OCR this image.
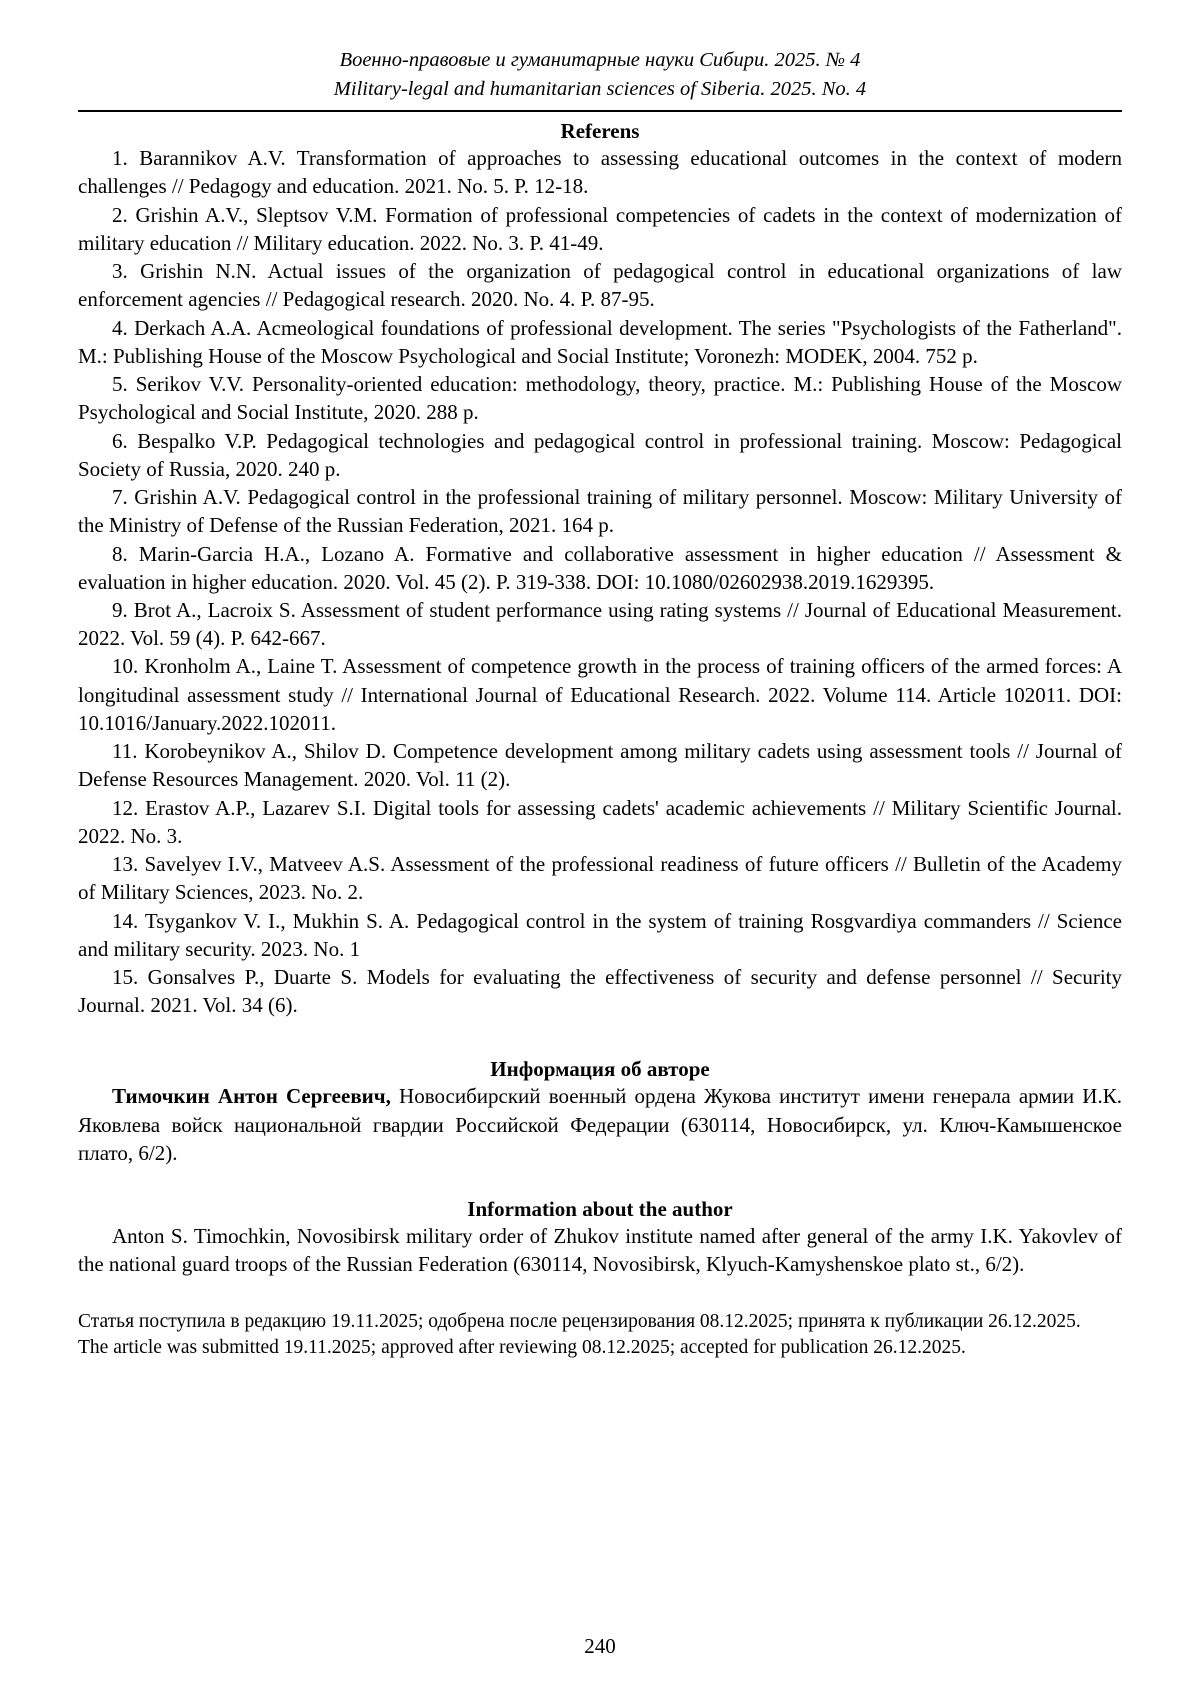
Военно-правовые и гуманитарные науки Сибири. 2025. № 4
Military-legal and humanitarian sciences of Siberia. 2025. No. 4
Referens

1. Barannikov A.V. Transformation of approaches to assessing educational outcomes in the context of modern challenges // Pedagogy and education. 2021. No. 5. P. 12-18.

2. Grishin A.V., Sleptsov V.M. Formation of professional competencies of cadets in the context of modernization of military education // Military education. 2022. No. 3. P. 41-49.

3. Grishin N.N. Actual issues of the organization of pedagogical control in educational organizations of law enforcement agencies // Pedagogical research. 2020. No. 4. P. 87-95.

4. Derkach A.A. Acmeological foundations of professional development. The series "Psychologists of the Fatherland". M.: Publishing House of the Moscow Psychological and Social Institute; Voronezh: MODEK, 2004. 752 p.

5. Serikov V.V. Personality-oriented education: methodology, theory, practice. M.: Publishing House of the Moscow Psychological and Social Institute, 2020. 288 p.

6. Bespalko V.P. Pedagogical technologies and pedagogical control in professional training. Moscow: Pedagogical Society of Russia, 2020. 240 p.

7. Grishin A.V. Pedagogical control in the professional training of military personnel. Moscow: Military University of the Ministry of Defense of the Russian Federation, 2021. 164 p.

8. Marin-Garcia H.A., Lozano A. Formative and collaborative assessment in higher education // Assessment & evaluation in higher education. 2020. Vol. 45 (2). P. 319-338. DOI: 10.1080/02602938.2019.1629395.

9. Brot A., Lacroix S. Assessment of student performance using rating systems // Journal of Educational Measurement. 2022. Vol. 59 (4). P. 642-667.

10. Kronholm A., Laine T. Assessment of competence growth in the process of training officers of the armed forces: A longitudinal assessment study // International Journal of Educational Research. 2022. Volume 114. Article 102011. DOI: 10.1016/January.2022.102011.

11. Korobeynikov A., Shilov D. Competence development among military cadets using assessment tools // Journal of Defense Resources Management. 2020. Vol. 11 (2).

12. Erastov A.P., Lazarev S.I. Digital tools for assessing cadets' academic achievements // Military Scientific Journal. 2022. No. 3.

13. Savelyev I.V., Matveev A.S. Assessment of the professional readiness of future officers // Bulletin of the Academy of Military Sciences, 2023. No. 2.

14. Tsygankov V. I., Mukhin S. A. Pedagogical control in the system of training Rosgvardiya commanders // Science and military security. 2023. No. 1

15. Gonsalves P., Duarte S. Models for evaluating the effectiveness of security and defense personnel // Security Journal. 2021. Vol. 34 (6).

Информация об авторе

Тимочкин Антон Сергеевич, Новосибирский военный ордена Жукова институт имени генерала армии И.К. Яковлева войск национальной гвардии Российской Федерации (630114, Новосибирск, ул. Ключ-Камышенское плато, 6/2).

Information about the author

Anton S. Timochkin, Novosibirsk military order of Zhukov institute named after general of the army I.K. Yakovlev of the national guard troops of the Russian Federation (630114, Novosibirsk, Klyuch-Kamyshenskoe plato st., 6/2).

Статья поступила в редакцию 19.11.2025; одобрена после рецензирования 08.12.2025; принята к публикации 26.12.2025.

The article was submitted 19.11.2025; approved after reviewing 08.12.2025; accepted for publication 26.12.2025.

240
